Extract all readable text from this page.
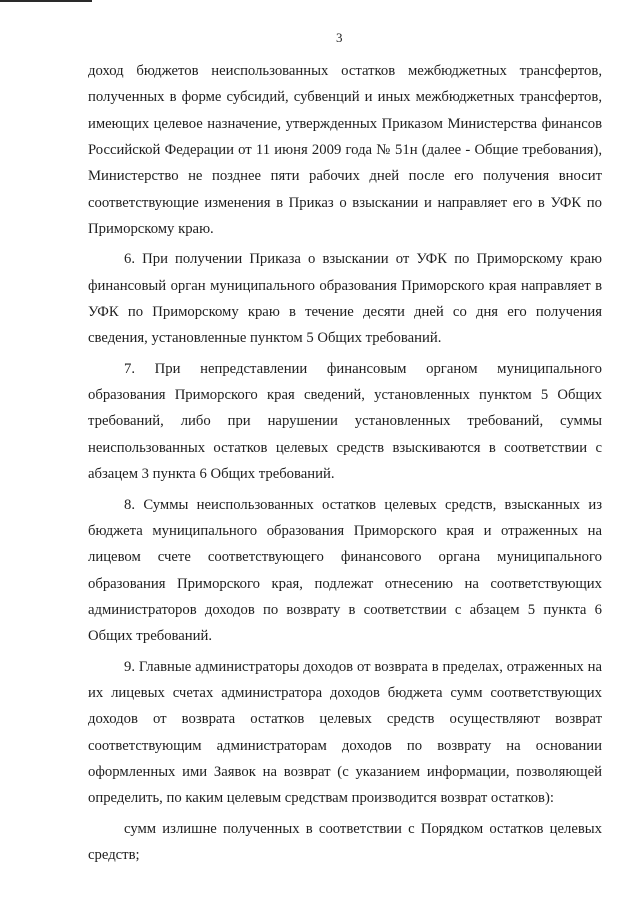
3

доход бюджетов неиспользованных остатков межбюджетных трансфертов, полученных в форме субсидий, субвенций и иных межбюджетных трансфертов, имеющих целевое назначение, утвержденных Приказом Министерства финансов Российской Федерации от 11 июня 2009 года № 51н (далее - Общие требования), Министерство не позднее пяти рабочих дней после его получения вносит соответствующие изменения в Приказ о взыскании и направляет его в УФК по Приморскому краю.

6. При получении Приказа о взыскании от УФК по Приморскому краю финансовый орган муниципального образования Приморского края направляет в УФК по Приморскому краю в течение десяти дней со дня его получения сведения, установленные пунктом 5 Общих требований.

7. При непредставлении финансовым органом муниципального образования Приморского края сведений, установленных пунктом 5 Общих требований, либо при нарушении установленных требований, суммы неиспользованных остатков целевых средств взыскиваются в соответствии с абзацем 3 пункта 6 Общих требований.

8. Суммы неиспользованных остатков целевых средств, взысканных из бюджета муниципального образования Приморского края и отраженных на лицевом счете соответствующего финансового органа муниципального образования Приморского края, подлежат отнесению на соответствующих администраторов доходов по возврату в соответствии с абзацем 5 пункта 6 Общих требований.

9. Главные администраторы доходов от возврата в пределах, отраженных на их лицевых счетах администратора доходов бюджета сумм соответствующих доходов от возврата остатков целевых средств осуществляют возврат соответствующим администраторам доходов по возврату на основании оформленных ими Заявок на возврат (с указанием информации, позволяющей определить, по каким целевым средствам производится возврат остатков):

сумм излишне полученных в соответствии с Порядком остатков целевых средств;
